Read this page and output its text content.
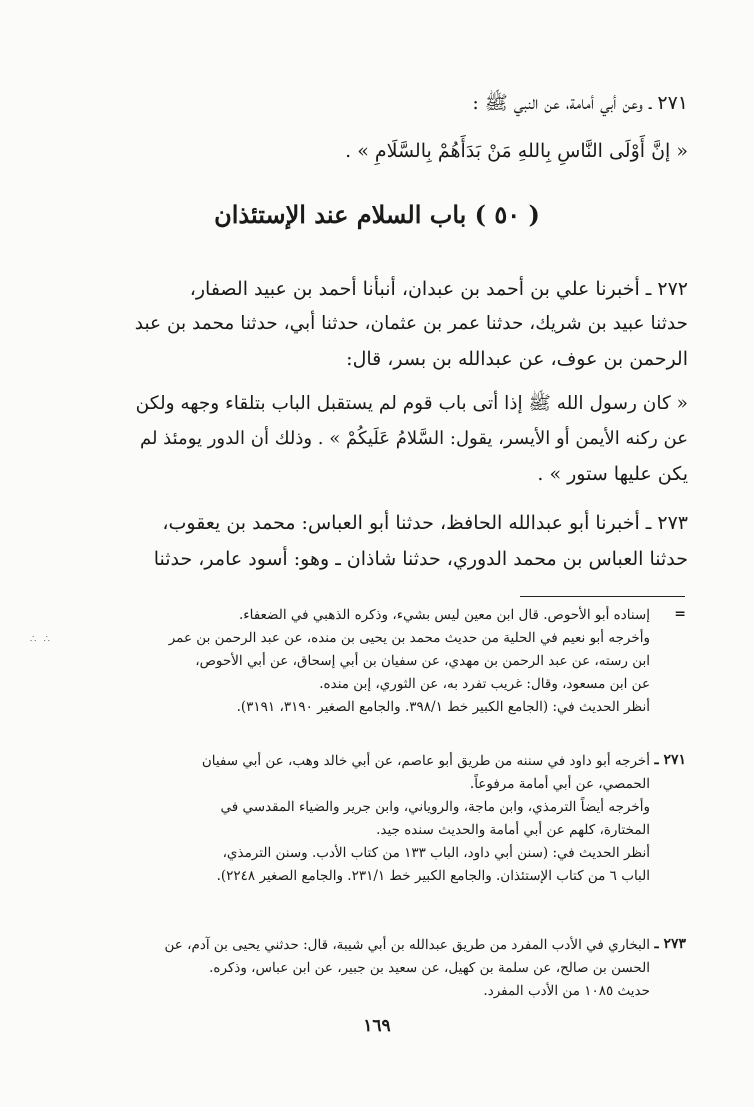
٢٧١ ـ وعن أبي أمامة، عن النبي ﷺ :
« إنَّ أَوْلَى النَّاسِ بِاللهِ مَنْ بَدَأَهُمْ بِالسَّلَامِ » .
( ٥٠ ) باب السلام عند الإستئذان
٢٧٢ ـ أخبرنا علي بن أحمد بن عبدان، أنبأنا أحمد بن عبيد الصفار،
حدثنا عبيد بن شريك، حدثنا عمر بن عثمان، حدثنا أبي، حدثنا محمد بن عبد
الرحمن بن عوف، عن عبدالله بن بسر، قال:
« كان رسول الله ﷺ إذا أتى باب قوم لم يستقبل الباب بتلقاء وجهه ولكن
عن ركنه الأيمن أو الأيسر، يقول: السَّلامُ عَلَيكُمْ » . وذلك أن الدور يومئذ لم
يكن عليها ستور » .
٢٧٣ ـ أخبرنا أبو عبدالله الحافظ، حدثنا أبو العباس: محمد بن يعقوب،
حدثنا العباس بن محمد الدوري، حدثنا شاذان ـ وهو: أسود عامر، حدثنا
∴ ∴
=
إسناده أبو الأحوص. قال ابن معين ليس بشيء، وذكره الذهبي في الضعفاء.
وأخرجه أبو نعيم في الحلية من حديث محمد بن يحيى بن منده، عن عبد الرحمن بن عمر
ابن رسته، عن عبد الرحمن بن مهدي، عن سفيان بن أبي إسحاق، عن أبي الأحوص،
عن ابن مسعود، وقال: غريب تفرد به، عن الثوري، إبن منده.
أنظر الحديث في: (الجامع الكبير خط ٣٩٨/١. والجامع الصغير ٣١٩٠، ٣١٩١).
٢٧١ ـ
أخرجه أبو داود في سننه من طريق أبو عاصم، عن أبي خالد وهب، عن أبي سفيان
الحمصي، عن أبي أمامة مرفوعاً.
وأخرجه أيضاً الترمذي، وابن ماجة، والروياني، وابن جرير والضياء المقدسي في
المختارة، كلهم عن أبي أمامة والحديث سنده جيد.
أنظر الحديث في: (سنن أبي داود، الباب ١٣٣ من كتاب الأدب. وسنن الترمذي،
الباب ٦ من كتاب الإستئذان. والجامع الكبير خط ٢٣١/١. والجامع الصغير ٢٢٤٨).
٢٧٣ ـ
البخاري في الأدب المفرد من طريق عبدالله بن أبي شيبة، قال: حدثني يحيى بن آدم، عن
الحسن بن صالح، عن سلمة بن كهيل، عن سعيد بن جبير، عن ابن عباس، وذكره.
حديث ١٠٨٥ من الأدب المفرد.
١٦٩
